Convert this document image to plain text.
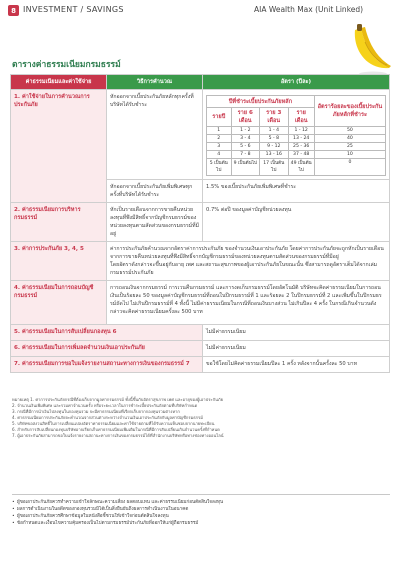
8 INVESTMENT / SAVINGS	AIA Wealth Max (Unit Linked)
ตารางค่าธรรมเนียมกรมธรรม์
ค่าธรรมเนียมและค่าใช้จ่าย	วิธีการคำนวณ	อัตรา (ปีละ)
1. ค่าใช้จ่ายในการคำนวณการประกันภัย	หักออกจากเบี้ยประกันภัยหลักทุกครั้งที่บริษัทได้รับชำระ	
ปีที่ชำระเบี้ยประกันภัยหลัก	อัตราร้อยละของเบี้ยประกันภัยหลักที่ชำระ
รายปี	ราย 6 เดือน	ราย 3 เดือน	ราย เดือน
1	1 - 2	1 - 4	1 - 12	50
2	3 - 4	5 - 8	13 - 24	40
3	5 - 6	9 - 12	25 - 36	25
4	7 - 8	13 - 16	37 - 48	10
5 เป็นต้นไป	9 เป็นต้นไป	17 เป็นต้นไป	49 เป็นต้นไป	0

หักออกจากเบี้ยประกันภัยเพิ่มพิเศษทุกครั้งที่บริษัทได้รับชำระ	1.5% ของเบี้ยประกันภัยเพิ่มพิเศษที่ชำระ
2. ค่าธรรมเนียมการบริหารกรมธรรม์	หักเป็นรายเดือนจากการขายคืนหน่วยลงทุนที่พึงมีสิทธิ์จากบัญชีกรมธรรม์ของหน่วยลงทุนตามสัดส่วนของกรมธรรม์ที่มีอยู่	0.7% ต่อปี ของมูลค่าบัญชีหน่วยลงทุน
3. ค่าการประกันภัย 3, 4, 5	ค่าการประกันภัยคำนวณจากอัตราค่าการประกันภัย ของจำนวนเงินเอาประกันภัย โดยค่าการประกันภัยจะถูกหักเป็นรายเดือนจากการขายคืนหน่วยลงทุนที่พึงมีสิทธิ์จากบัญชีกรมธรรม์ของหน่วยลงทุนตามสัดส่วนของกรมธรรม์ที่มีอยู่
โดยอัตราดังกล่าวจะขึ้นอยู่กับอายุ เพศ และสถานะสุขภาพของผู้เอาประกันภัยในขณะนั้น ซึ่งสามารถดูอัตราเต็มได้จากเล่มกรมธรรม์ประกันภัย
4. ค่าธรรมเนียมในการถอนบัญชีกรมธรรม์	การถอนเงินจากกรมธรรม์ การเวนคืนกรมธรรม์ และการงดเก็บกรมธรรม์โดยอัตโนมัติ บริษัทจะคิดค่าธรรมเนียมในการถอนเงินเป็นร้อยละ 50 ของมูลค่าบัญชีกรมธรรม์ที่ถอนในปีกรมธรรม์ที่ 1 และร้อยละ 2 ในปีกรมธรรม์ที่ 2 และเพิ่มขึ้นในปีกรมธรรม์ถัดไป ไม่เกินปีกรมธรรม์ที่ 4 ทั้งนี้ ไม่มีค่าธรรมเนียมในกรณีที่ถอนเงินบางส่วน ไม่เกินปีละ 4 ครั้ง ในกรณีเกินจำนวนดังกล่าวจะคิดค่าธรรมเนียมครั้งละ 500 บาท
5. ค่าธรรมเนียมในการสับเปลี่ยนกองทุน 6	ไม่มีค่าธรรมเนียม
6. ค่าธรรมเนียมในการเพิ่มลดจำนวนเงินเอาประกันภัย	ไม่มีค่าธรรมเนียม
7. ค่าธรรมเนียมการขอใบแจ้งรายงานสถานะทางการเงินของกรมธรรม์ 7	ขอใช้โดยไม่คิดค่าธรรมเนียมปีละ 1 ครั้ง หลังจากนั้นครั้งละ 50 บาท
หมายเหตุ 1. ค่าการประกันภัยกรณีที่ต้องเก็บจากมูลค่ากรมธรรม์ ทั้งนี้ขึ้นกับอัตราสุขภาพ เพศ และอายุของผู้เอาประกันภัย
2. จำนวนเงินเพิ่มพิเศษ และรวมค่าจำนวนครั้ง หรือระยะเวลาในการชำระเบี้ยประกันภัยตามที่บริษัทกำหนด
3. กรณีที่มีการนำเงินไปลงทุนในกองทุนรวม จะมีค่าธรรมเนียมที่เรียกเก็บจากกองทุนรวมต่างหาก
4. ค่าธรรมเนียมการประกันภัยจะคำนวณจากส่วนต่างระหว่างจำนวนเงินเอาประกันภัยกับมูลค่าบัญชีกรมธรรม์
5. บริษัทขอสงวนสิทธิ์ในการเปลี่ยนแปลงอัตราค่าธรรมเนียมและค่าใช้จ่ายตามที่ได้รับความเห็นชอบจากนายทะเบียน
6. สำหรับการสับเปลี่ยนกองทุนบริษัทอาจเรียกเก็บค่าธรรมเนียมเพิ่มเติมในกรณีที่มีการสับเปลี่ยนเกินจำนวนครั้งที่กำหนด
7. ผู้เอาประกันภัยสามารถขอใบแจ้งรายงานสถานะทางการเงินของกรมธรรม์ได้ที่สำนักงานบริษัทหรือทางช่องทางออนไลน์
• ผู้ขอเอาประกันภัยควรทำความเข้าใจลักษณะความเสี่ยง ผลตอบแทน และค่าธรรมเนียมก่อนตัดสินใจลงทุน
• ผลการดำเนินงานในอดีตของกองทุนรวมมิได้เป็นสิ่งยืนยันถึงผลการดำเนินงานในอนาคต
• ผู้ขอเอาประกันภัยควรศึกษาข้อมูลในหนังสือชี้ชวนให้เข้าใจก่อนตัดสินใจลงทุน
• ข้อกำหนดและเงื่อนไขความคุ้มครองเป็นไปตามกรมธรรม์ประกันภัยที่ออกให้แก่ผู้ถือกรมธรรม์
